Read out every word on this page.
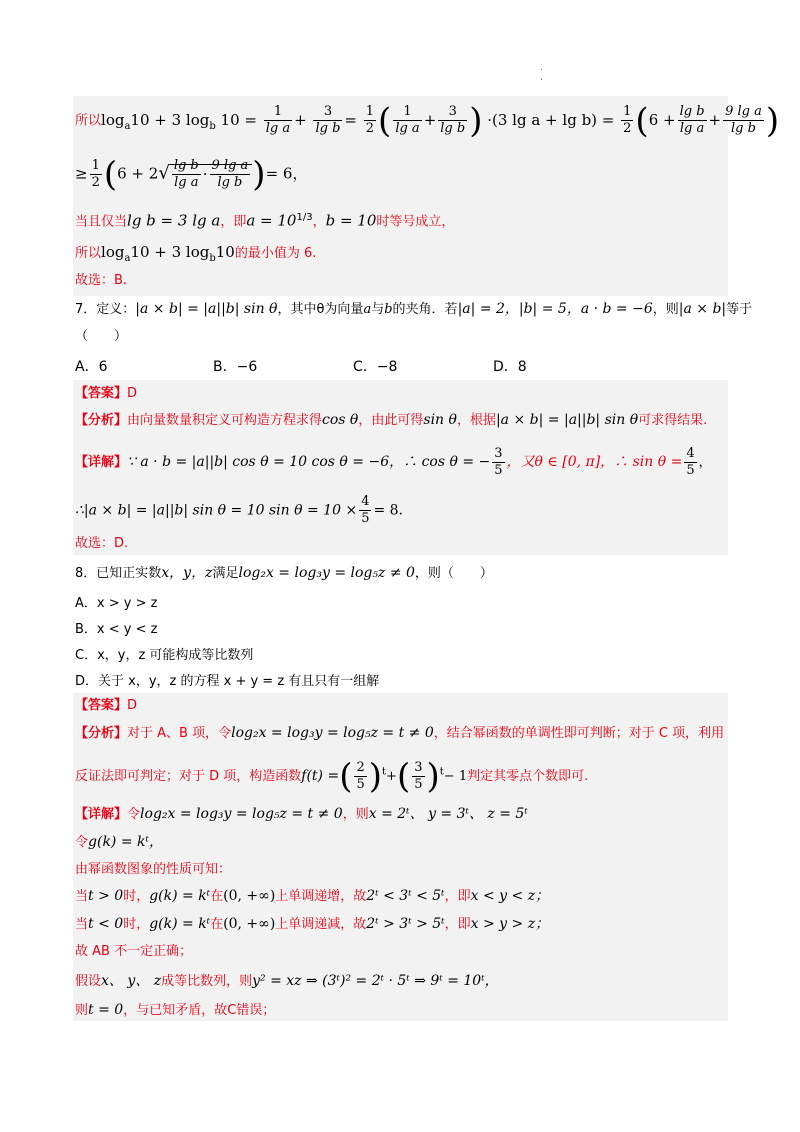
·
·
所以$\log_a10 + 3$ $\log_b 10 = \frac{1}{\text{lg a}} + \frac{3}{\text{lg b}} = \frac{1}{2}$ ( $\frac{1}{\text{lg a}} + \frac{3}{\text{lg b}}$ ) ·(3 $\lg a + \lg b) = \frac{1}{2} (6 + \frac{\text{lg b}}{\text{lg a}} + \frac{\text{9 lg a}}{\text{lg b}}$ )
≥ $\frac{1}{2} (6 + 2√ \frac{\text{lg b}}{\text{lg a}} \cdot \frac{\text{9 lg a}}{\text{lg b}}$ )= 6，
当且仅当lg b = 3 lg a，即$a = 10^{1/3}$，b = 10时等号成立，
所以$\log_a10 + 3$ $\log_b10$的最小值为 6.
故选：B.
7．定义：|a × b| = |a||b| sin θ，其中θ为向量a与b的夹角．若|a| = 2，|b| = 5，a · b = −6，则|a × b|等于
（　　）
A．6	B．−6	C．−8	D．8
【答案】D
【分析】由向量数量积定义可构造方程求得cos θ，由此可得sin θ，根据|a × b| = |a||b| sin θ可求得结果.
【详解】∵ a · b = |a||b| cos θ = 10 cos θ = −6，∴ cos θ = − $\frac{3}{5}$ ，又θ ∈ [0, π]，∴ $\sin \theta = \frac{4}{5}$ ，
∴|a × b| = |a||b| sin θ = 10 $\sin \theta = 10 \times \frac{4}{5} = 8$.
故选：D.
8．已知正实数x，y，z满足log₂x = log₃y = log₅z ≠ 0，则（　　）
A．x > y > z
B．x < y < z
C．x，y，z 可能构成等比数列
D．关于 x，y，z 的方程 x + y = z 有且只有一组解
【答案】D
【分析】对于 A、B 项，令log₂x = log₃y = log₅z = t ≠ 0，结合幂函数的单调性即可判断；对于 C 项，利用
反证法即可判定；对于 D 项，构造函数f(t) =( $\frac{2}{5} )^t+( \frac{3}{5} )^t- 1$判定其零点个数即可.
【详解】令log₂x = log₃y = log₅z = t ≠ 0，则x = 2ᵗ、 y = 3ᵗ、 z = 5ᵗ
令g(k) = kᵗ，
由幂函数图象的性质可知：
当t > 0时，g(k) = kᵗ在(0, +∞)上单调递增，故2ᵗ < 3ᵗ < 5ᵗ，即x < y < z；
当t < 0时，g(k) = kᵗ在(0, +∞)上单调递减，故2ᵗ > 3ᵗ > 5ᵗ，即x > y > z；
故 AB 不一定正确；
假设x、 y、 z成等比数列，则y² = xz ⇒ (3ᵗ)² = 2ᵗ · 5ᵗ ⇒ 9ᵗ = 10ᵗ，
则t = 0，与已知矛盾，故C错误；
